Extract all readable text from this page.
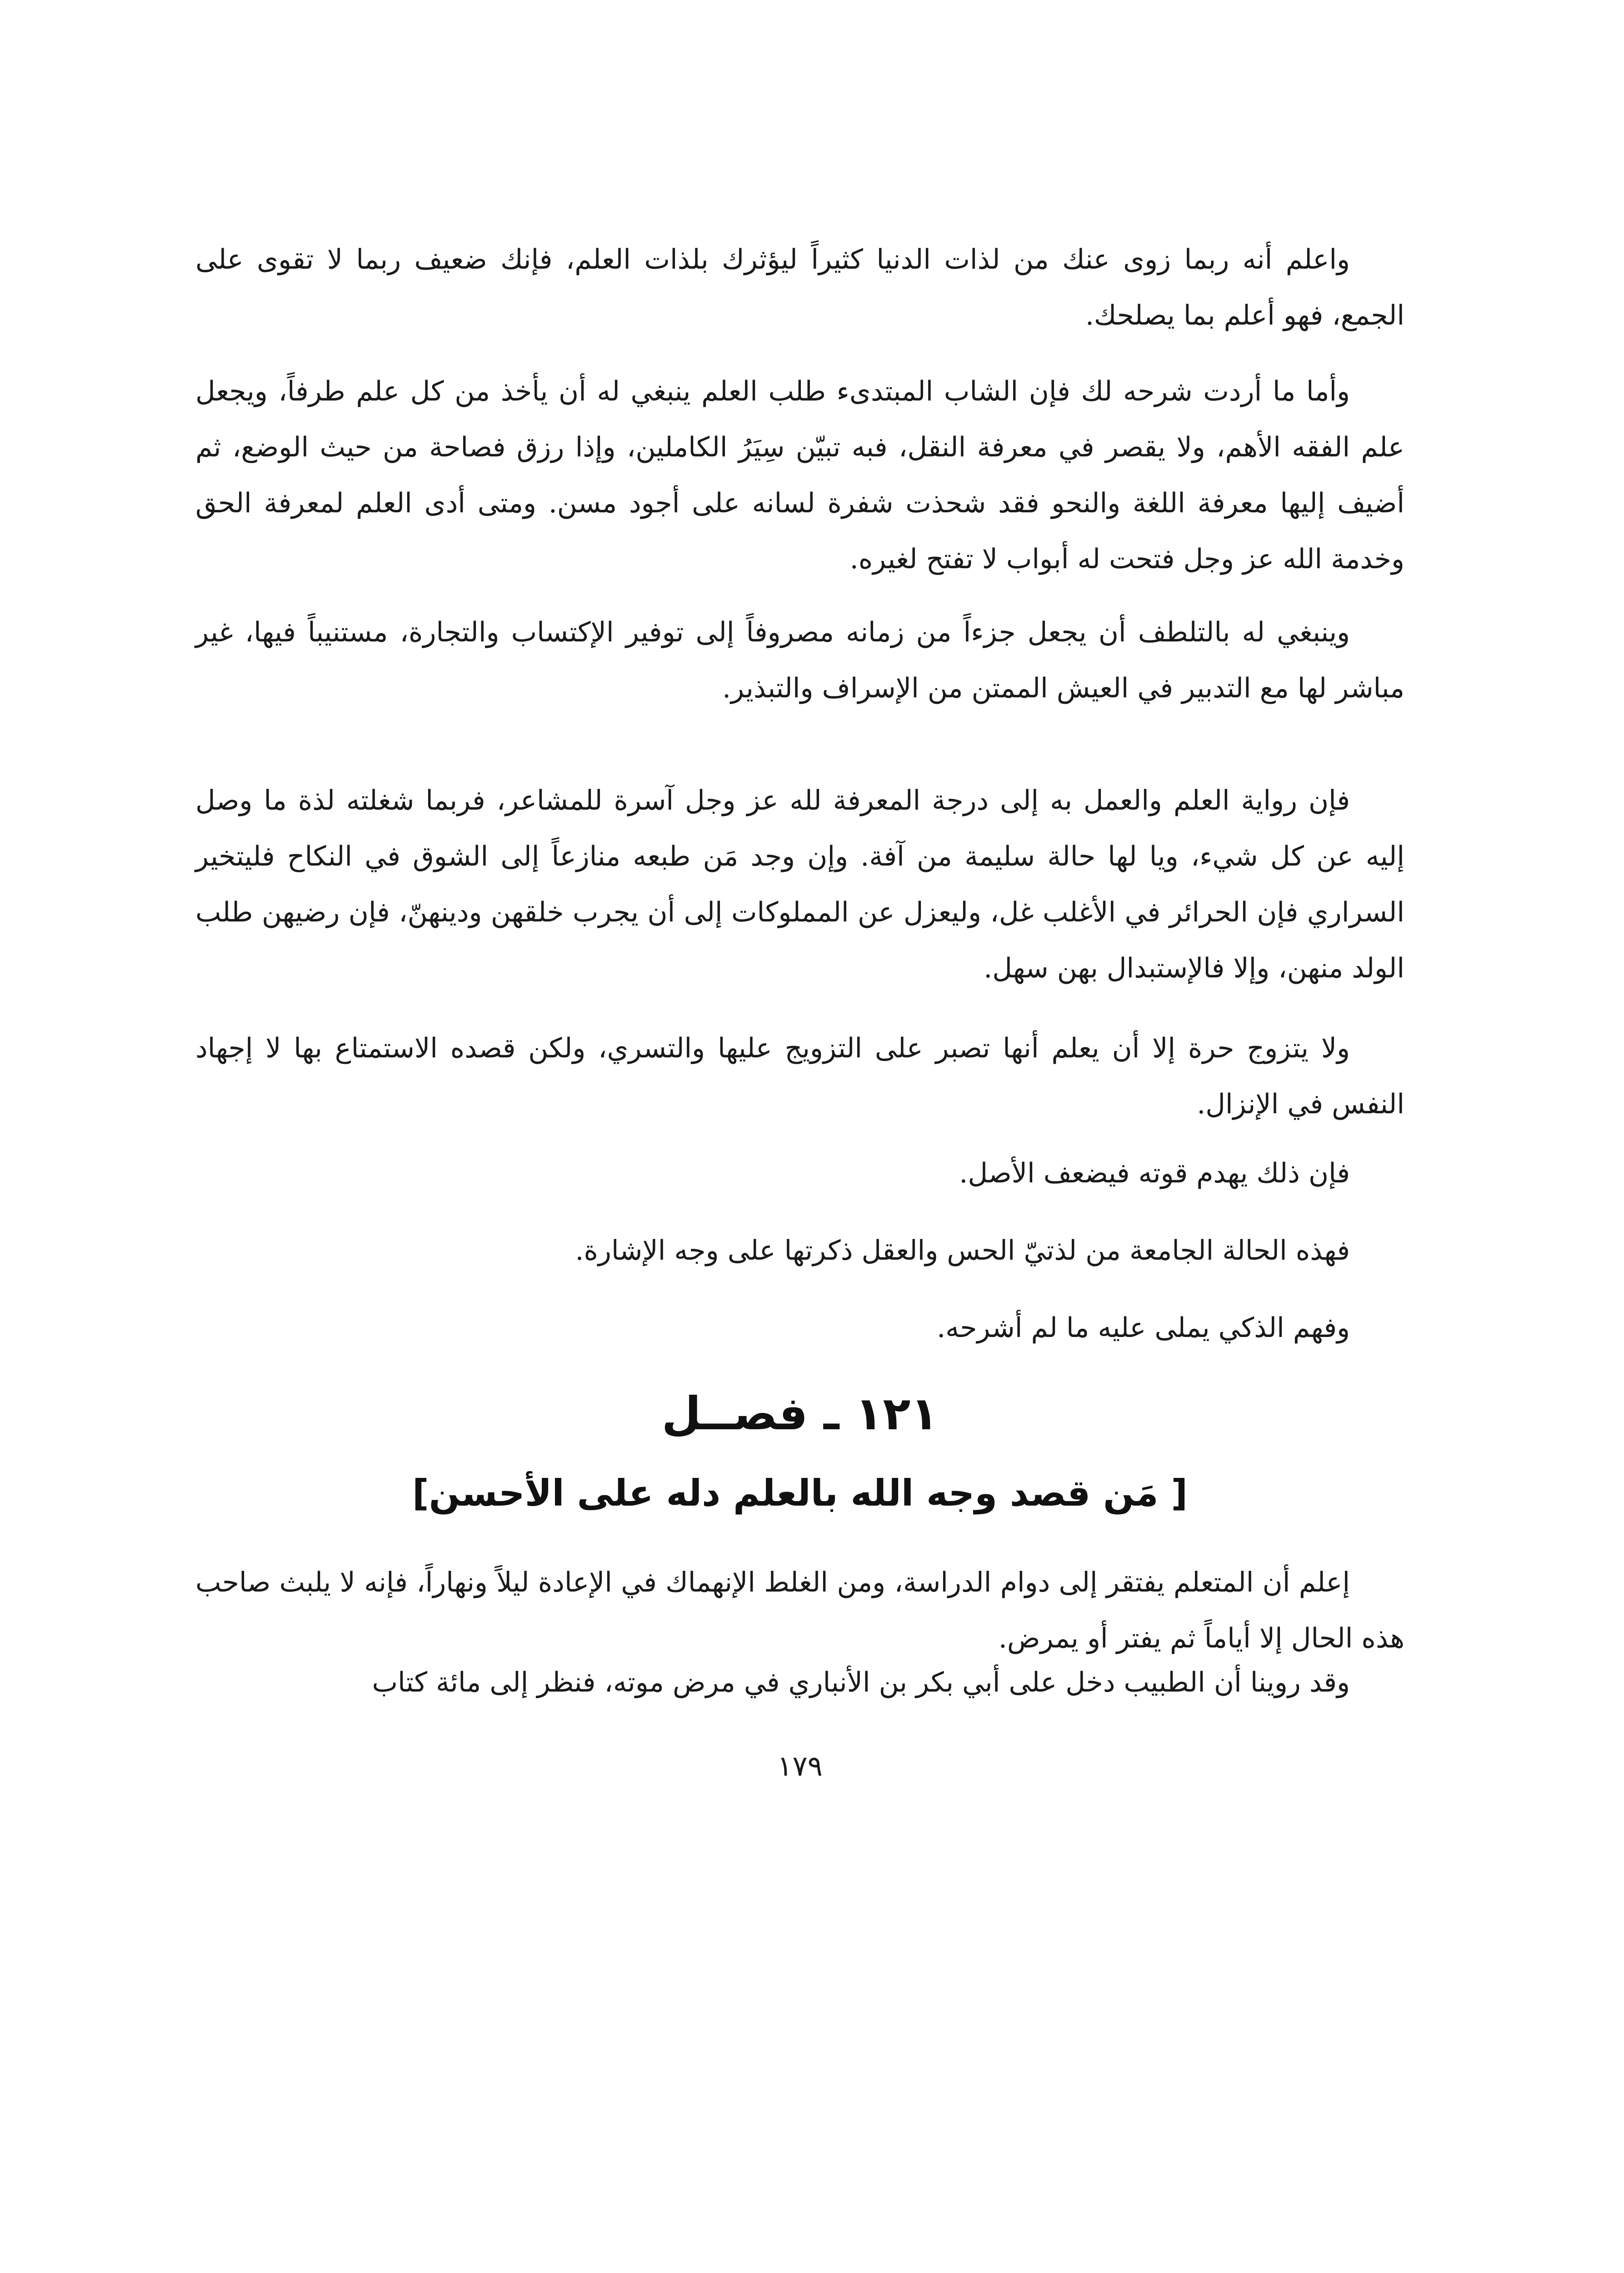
واعلم أنه ربما زوى عنك من لذات الدنيا كثيراً ليؤثرك بلذات العلم، فإنك ضعيف ربما لا تقوى على الجمع، فهو أعلم بما يصلحك.

وأما ما أردت شرحه لك فإن الشاب المبتدىء طلب العلم ينبغي له أن يأخذ من كل علم طرفاً، ويجعل علم الفقه الأهم، ولا يقصر في معرفة النقل، فبه تبيّن سِيَرُ الكاملين، وإذا رزق فصاحة من حيث الوضع، ثم أضيف إليها معرفة اللغة والنحو فقد شحذت شفرة لسانه على أجود مسن. ومتى أدى العلم لمعرفة الحق وخدمة الله عز وجل فتحت له أبواب لا تفتح لغيره.

وينبغي له بالتلطف أن يجعل جزءاً من زمانه مصروفاً إلى توفير الإكتساب والتجارة، مستنيباً فيها، غير مباشر لها مع التدبير في العيش الممتن من الإسراف والتبذير.

فإن رواية العلم والعمل به إلى درجة المعرفة لله عز وجل آسرة للمشاعر، فربما شغلته لذة ما وصل إليه عن كل شيء، ويا لها حالة سليمة من آفة. وإن وجد مَن طبعه منازعاً إلى الشوق في النكاح فليتخير السراري فإن الحرائر في الأغلب غل، وليعزل عن المملوكات إلى أن يجرب خلقهن ودينهنّ، فإن رضيهن طلب الولد منهن، وإلا فالإستبدال بهن سهل.

ولا يتزوج حرة إلا أن يعلم أنها تصبر على التزويج عليها والتسري، ولكن قصده الاستمتاع بها لا إجهاد النفس في الإنزال.

فإن ذلك يهدم قوته فيضعف الأصل.

فهذه الحالة الجامعة من لذتيّ الحس والعقل ذكرتها على وجه الإشارة.

وفهم الذكي يملى عليه ما لم أشرحه.

١٢١ ـ فصــل
[ مَن قصد وجه الله بالعلم دله على الأحسن]

إعلم أن المتعلم يفتقر إلى دوام الدراسة، ومن الغلط الإنهماك في الإعادة ليلاً ونهاراً، فإنه لا يلبث صاحب هذه الحال إلا أياماً ثم يفتر أو يمرض.

وقد روينا أن الطبيب دخل على أبي بكر بن الأنباري في مرض موته، فنظر إلى مائة كتاب

١٧٩
